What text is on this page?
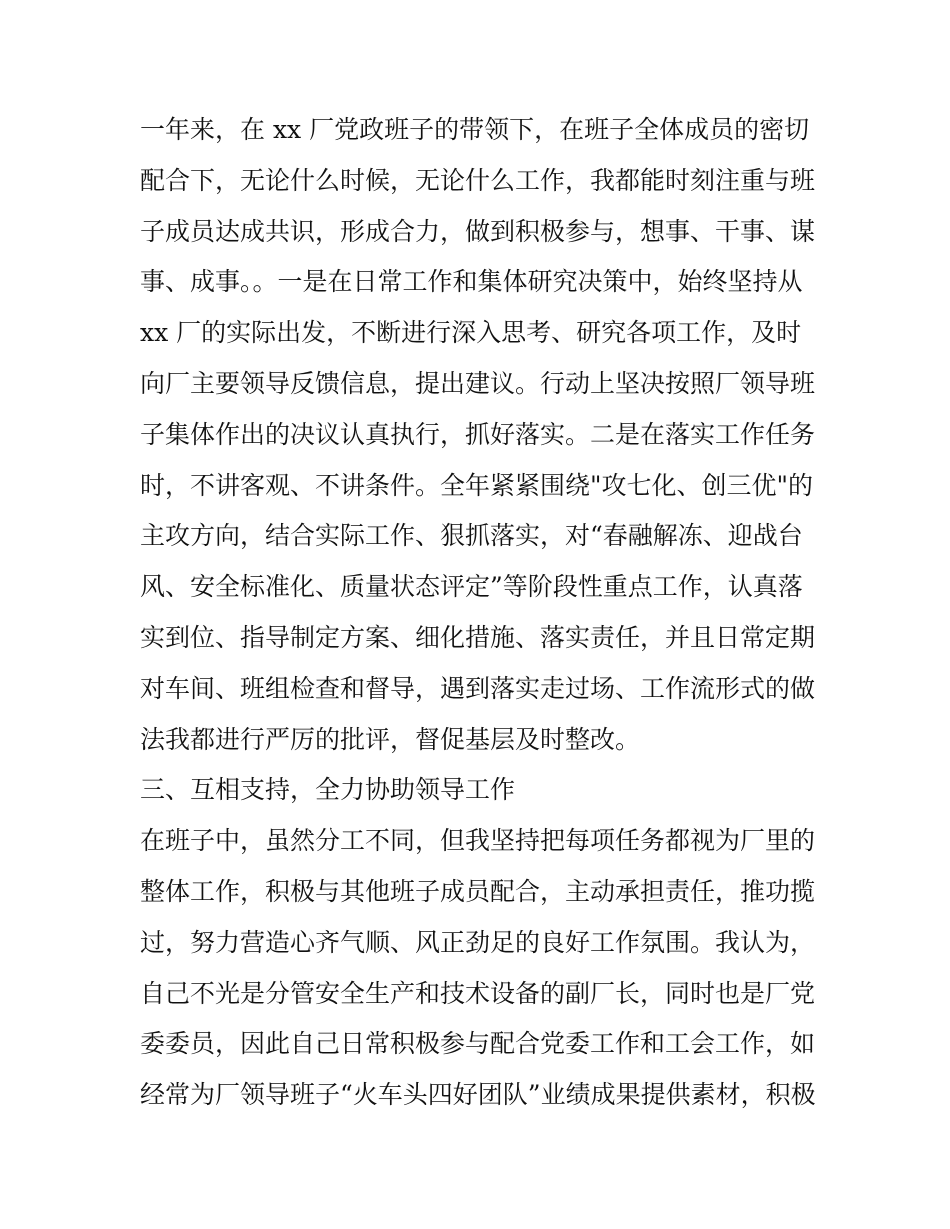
一年来，在 xx 厂党政班子的带领下，在班子全体成员的密切
配合下，无论什么时候，无论什么工作，我都能时刻注重与班
子成员达成共识，形成合力，做到积极参与，想事、干事、谋
事、成事。。一是在日常工作和集体研究决策中，始终坚持从
xx 厂的实际出发，不断进行深入思考、研究各项工作，及时
向厂主要领导反馈信息，提出建议。行动上坚决按照厂领导班
子集体作出的决议认真执行，抓好落实。二是在落实工作任务
时，不讲客观、不讲条件。全年紧紧围绕"攻七化、创三优"的
主攻方向，结合实际工作、狠抓落实，对“春融解冻、迎战台
风、安全标准化、质量状态评定”等阶段性重点工作，认真落
实到位、指导制定方案、细化措施、落实责任，并且日常定期
对车间、班组检查和督导，遇到落实走过场、工作流形式的做
法我都进行严厉的批评，督促基层及时整改。
三、互相支持，全力协助领导工作
在班子中，虽然分工不同，但我坚持把每项任务都视为厂里的
整体工作，积极与其他班子成员配合，主动承担责任，推功揽
过，努力营造心齐气顺、风正劲足的良好工作氛围。我认为，
自己不光是分管安全生产和技术设备的副厂长，同时也是厂党
委委员，因此自己日常积极参与配合党委工作和工会工作，如
经常为厂领导班子“火车头四好团队”业绩成果提供素材，积极
